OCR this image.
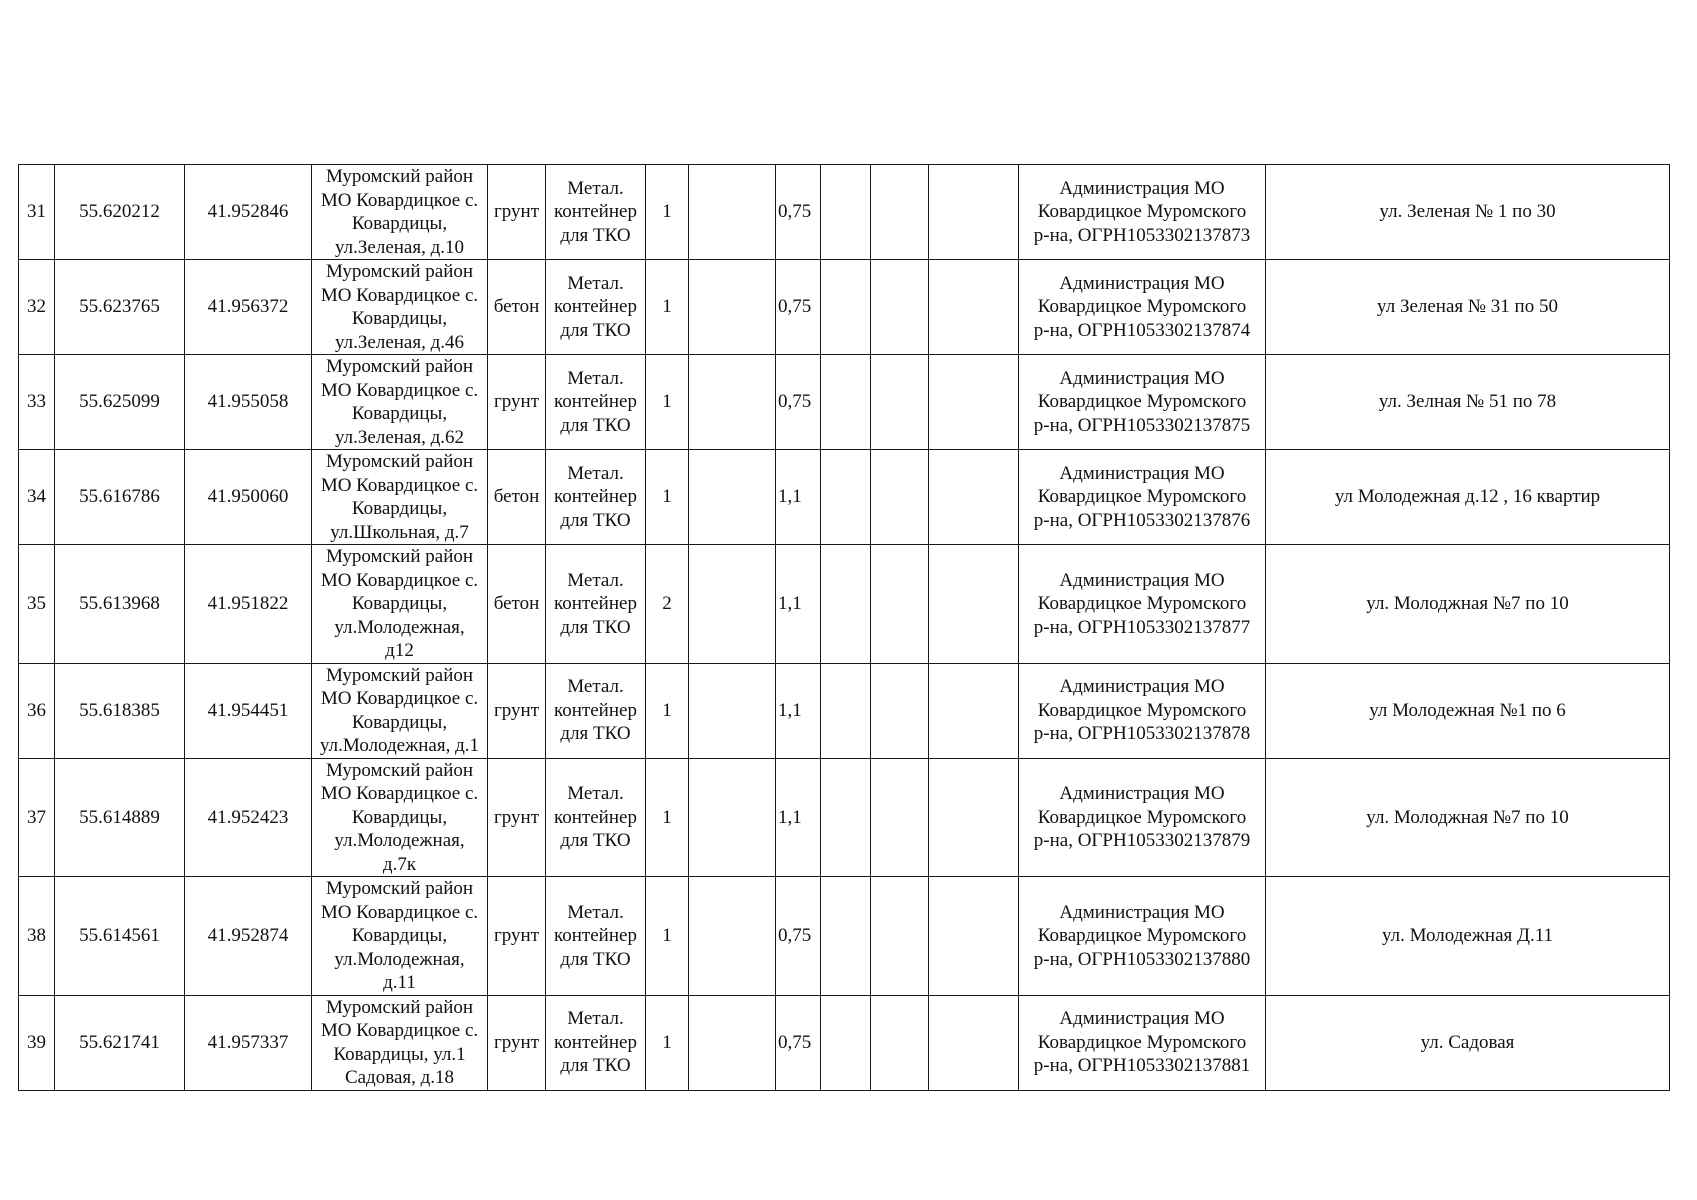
31	55.620212	41.952846	Муромский район
МО Ковардицкое с.
Ковардицы,
ул.Зеленая, д.10	грунт	Метал.
контейнер
для ТКО	1		0,75				Администрация МО
Ковардицкое Муромского
р-на, ОГРН1053302137873	ул. Зеленая № 1 по 30
32	55.623765	41.956372	Муромский район
МО Ковардицкое с.
Ковардицы,
ул.Зеленая, д.46	бетон	Метал.
контейнер
для ТКО	1		0,75				Администрация МО
Ковардицкое Муромского
р-на, ОГРН1053302137874	ул Зеленая № 31 по 50
33	55.625099	41.955058	Муромский район
МО Ковардицкое с.
Ковардицы,
ул.Зеленая, д.62	грунт	Метал.
контейнер
для ТКО	1		0,75				Администрация МО
Ковардицкое Муромского
р-на, ОГРН1053302137875	ул. Зелная № 51 по 78
34	55.616786	41.950060	Муромский район
МО Ковардицкое с.
Ковардицы,
ул.Школьная, д.7	бетон	Метал.
контейнер
для ТКО	1		1,1				Администрация МО
Ковардицкое Муромского
р-на, ОГРН1053302137876	ул Молодежная д.12 , 16 квартир
35	55.613968	41.951822	Муромский район
МО Ковардицкое с.
Ковардицы,
ул.Молодежная,
д12	бетон	Метал.
контейнер
для ТКО	2		1,1				Администрация МО
Ковардицкое Муромского
р-на, ОГРН1053302137877	ул. Молоджная №7 по 10
36	55.618385	41.954451	Муромский район
МО Ковардицкое с.
Ковардицы,
ул.Молодежная, д.1	грунт	Метал.
контейнер
для ТКО	1		1,1				Администрация МО
Ковардицкое Муромского
р-на, ОГРН1053302137878	ул Молодежная №1 по 6
37	55.614889	41.952423	Муромский район
МО Ковардицкое с.
Ковардицы,
ул.Молодежная,
д.7к	грунт	Метал.
контейнер
для ТКО	1		1,1				Администрация МО
Ковардицкое Муромского
р-на, ОГРН1053302137879	ул. Молоджная №7 по 10
38	55.614561	41.952874	Муромский район
МО Ковардицкое с.
Ковардицы,
ул.Молодежная,
д.11	грунт	Метал.
контейнер
для ТКО	1		0,75				Администрация МО
Ковардицкое Муромского
р-на, ОГРН1053302137880	ул. Молодежная Д.11
39	55.621741	41.957337	Муромский район
МО Ковардицкое с.
Ковардицы, ул.1
Садовая, д.18	грунт	Метал.
контейнер
для ТКО	1		0,75				Администрация МО
Ковардицкое Муромского
р-на, ОГРН1053302137881	ул. Садовая
